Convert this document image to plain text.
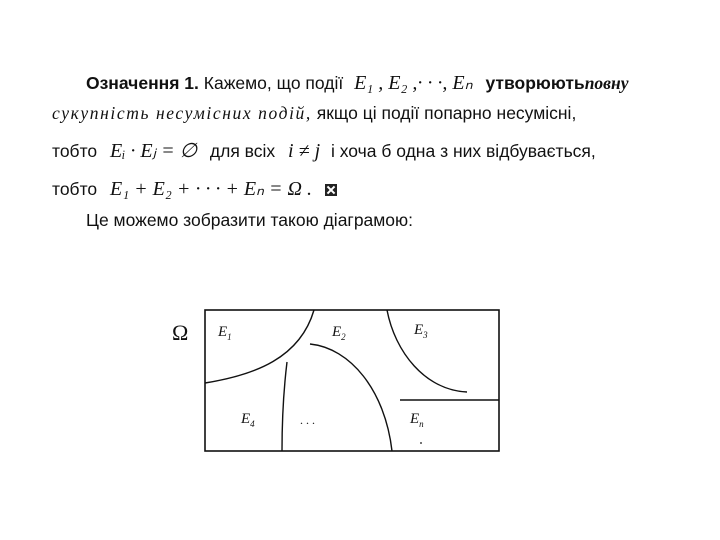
Означення 1. Кажемо, що події E₁ , E₂ ,· · ·, Eₙ утворюютьповну
сукупність несумісних подій, якщо ці події попарно несумісні,
тобто Eᵢ · Eⱼ = ∅ для всіх i ≠ j і хоча б одна з них відбувається,
тобто E₁ + E₂ + · · · + Eₙ = Ω .
Це можемо зобразити такою діаграмою:
Ω $E_1$	$E_2$	$E_3$
$E_4$	$E_n$
. . .
